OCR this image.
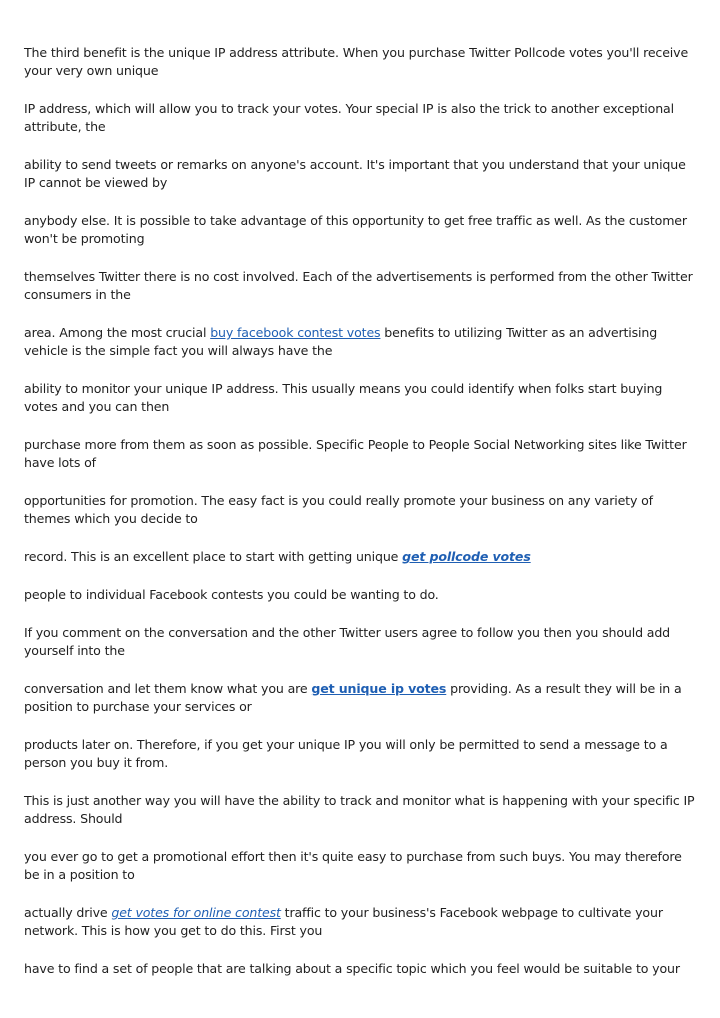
The third benefit is the unique IP address attribute. When you purchase Twitter Pollcode votes you'll receive your very own unique

IP address, which will allow you to track your votes. Your special IP is also the trick to another exceptional attribute, the

ability to send tweets or remarks on anyone's account. It's important that you understand that your unique IP cannot be viewed by

anybody else. It is possible to take advantage of this opportunity to get free traffic as well. As the customer won't be promoting

themselves Twitter there is no cost involved. Each of the advertisements is performed from the other Twitter consumers in the

area. Among the most crucial buy facebook contest votes benefits to utilizing Twitter as an advertising vehicle is the simple fact you will always have the

ability to monitor your unique IP address. This usually means you could identify when folks start buying votes and you can then

purchase more from them as soon as possible. Specific People to People Social Networking sites like Twitter have lots of

opportunities for promotion. The easy fact is you could really promote your business on any variety of themes which you decide to

record. This is an excellent place to start with getting unique get pollcode votes

people to individual Facebook contests you could be wanting to do.

If you comment on the conversation and the other Twitter users agree to follow you then you should add yourself into the

conversation and let them know what you are get unique ip votes providing. As a result they will be in a position to purchase your services or

products later on. Therefore, if you get your unique IP you will only be permitted to send a message to a person you buy it from.

This is just another way you will have the ability to track and monitor what is happening with your specific IP address. Should

you ever go to get a promotional effort then it's quite easy to purchase from such buys. You may therefore be in a position to

actually drive get votes for online contest traffic to your business's Facebook webpage to cultivate your network. This is how you get to do this. First you

have to find a set of people that are talking about a specific topic which you feel would be suitable to your
